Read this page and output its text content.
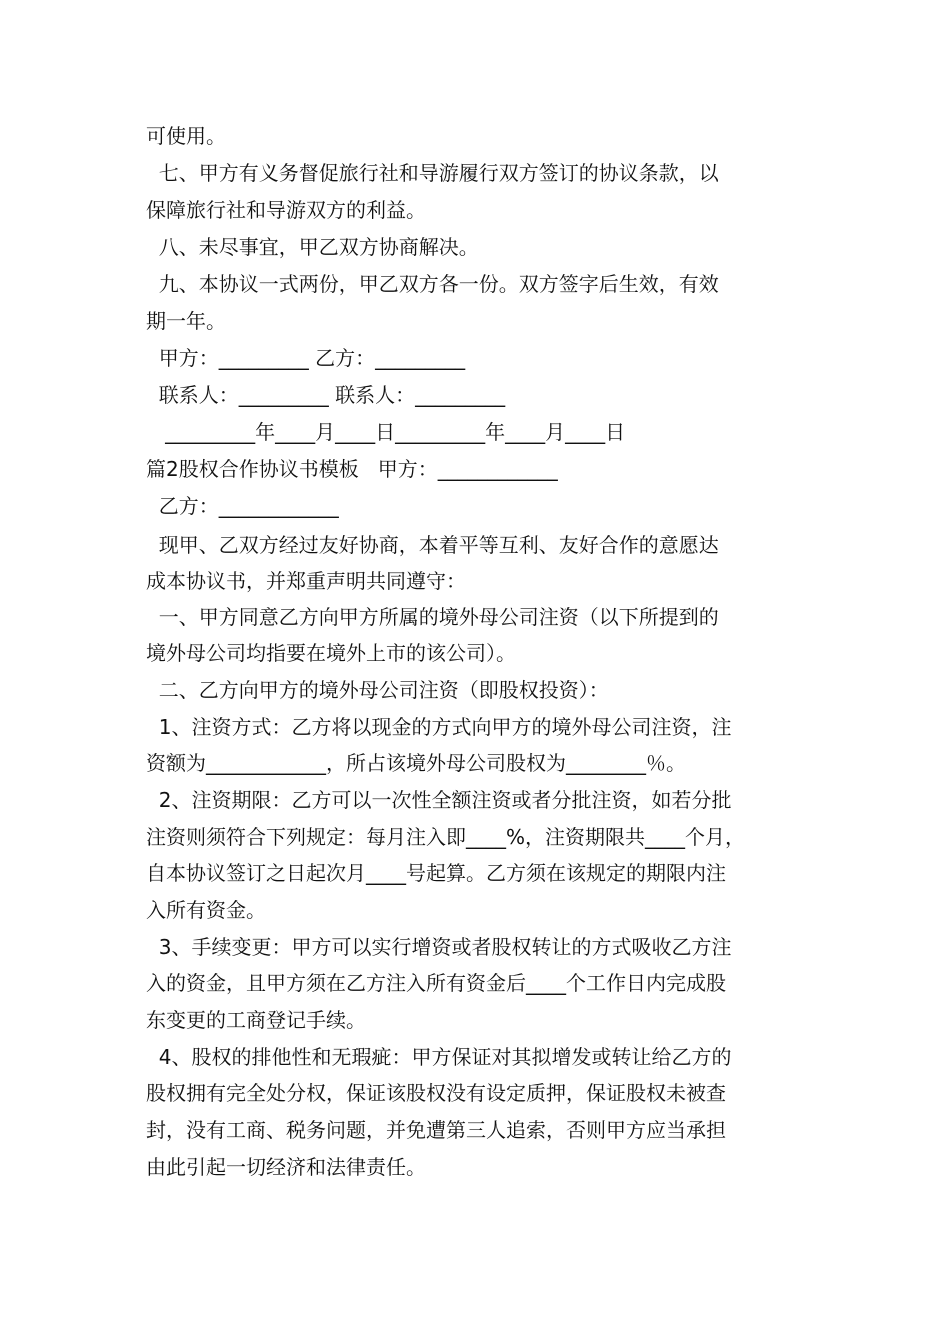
可使用。
七、甲方有义务督促旅行社和导游履行双方签订的协议条款，以
保障旅行社和导游双方的利益。
八、未尽事宜，甲乙双方协商解决。
九、本协议一式两份，甲乙双方各一份。双方签字后生效，有效
期一年。
甲方：_________ 乙方：_________
联系人：_________ 联系人：_________
_________年____月____日_________年____月____日
篇2股权合作协议书模板   甲方：____________
乙方：____________
现甲、乙双方经过友好协商，本着平等互利、友好合作的意愿达
成本协议书，并郑重声明共同遵守：
一、甲方同意乙方向甲方所属的境外母公司注资（以下所提到的
境外母公司均指要在境外上市的该公司）。
二、乙方向甲方的境外母公司注资（即股权投资）：
1、注资方式：乙方将以现金的方式向甲方的境外母公司注资，注
资额为____________，所占该境外母公司股权为________％。
2、注资期限：乙方可以一次性全额注资或者分批注资，如若分批
注资则须符合下列规定：每月注入即____%，注资期限共____个月，
自本协议签订之日起次月____号起算。乙方须在该规定的期限内注
入所有资金。
3、手续变更：甲方可以实行增资或者股权转让的方式吸收乙方注
入的资金，且甲方须在乙方注入所有资金后____个工作日内完成股
东变更的工商登记手续。
4、股权的排他性和无瑕疵：甲方保证对其拟增发或转让给乙方的
股权拥有完全处分权，保证该股权没有设定质押，保证股权未被查
封，没有工商、税务问题，并免遭第三人追索，否则甲方应当承担
由此引起一切经济和法律责任。
